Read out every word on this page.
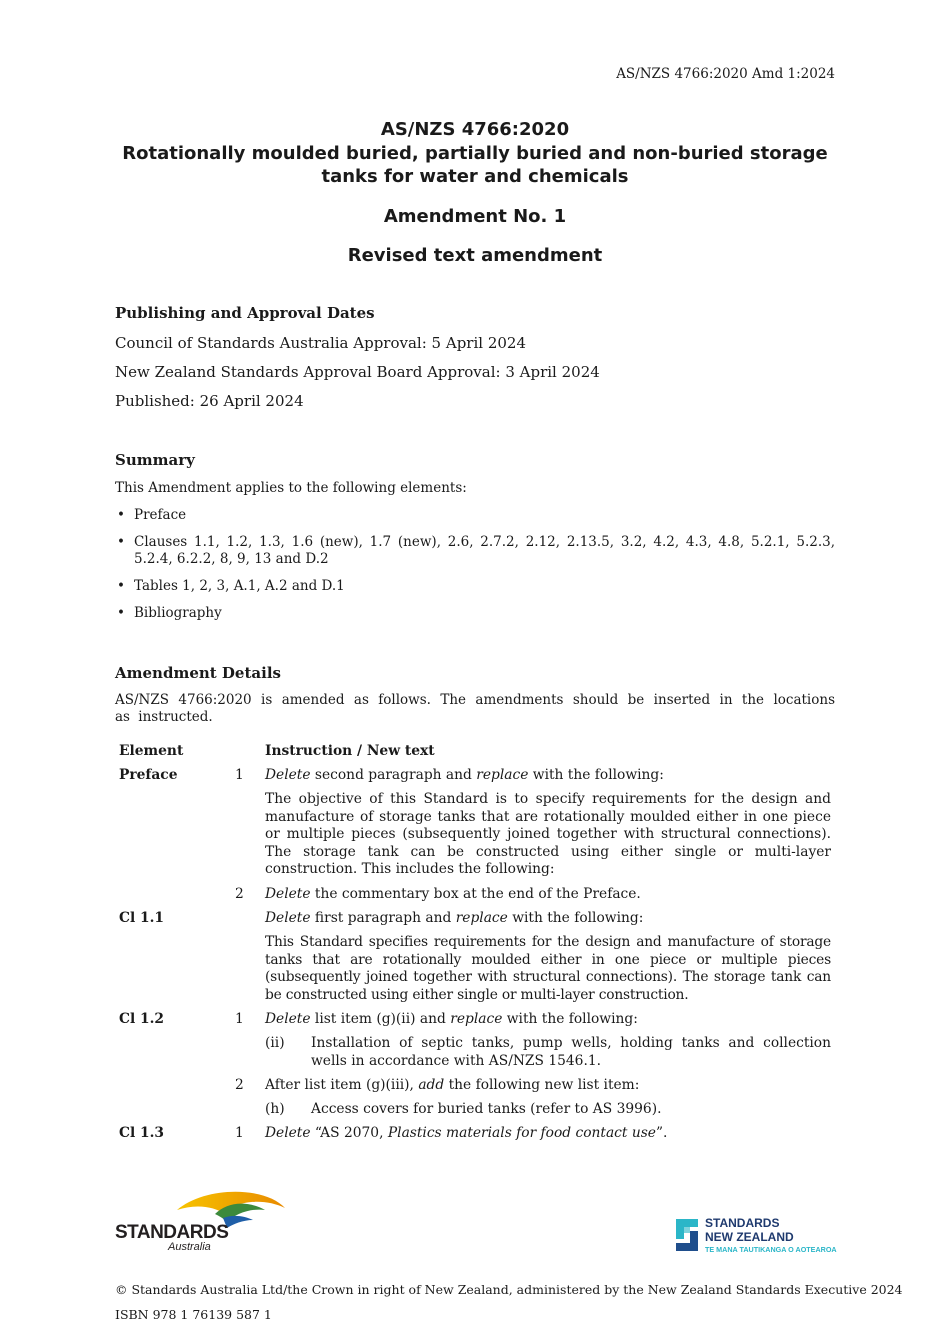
AS/NZS 4766:2020 Amd 1:2024

AS/NZS 4766:2020

Rotationally moulded buried, partially buried and non-buried storage

tanks for water and chemicals

Amendment No. 1

Revised text amendment

Publishing and Approval Dates

Council of Standards Australia Approval: 5 April 2024

New Zealand Standards Approval Board Approval: 3 April 2024

Published: 26 April 2024

Summary

This Amendment applies to the following elements:

• Preface
• Clauses 1.1, 1.2, 1.3, 1.6 (new), 1.7 (new), 2.6, 2.7.2, 2.12, 2.13.5, 3.2, 4.2, 4.3, 4.8, 5.2.1, 5.2.3, 5.2.4, 6.2.2, 8, 9, 13 and D.2
• Tables 1, 2, 3, A.1, A.2 and D.1
• Bibliography
Amendment Details

AS/NZS 4766:2020 is amended as follows. The amendments should be inserted in the locations as instructed.

Element	Instruction / New text
Preface	1 Delete second paragraph and replace with the following:
The objective of this Standard is to specify requirements for the design and manufacture of storage tanks that are rotationally moulded either in one piece or multiple pieces (subsequently joined together with structural connections). The storage tank can be constructed using either single or multi-layer construction. This includes the following:
2 Delete the commentary box at the end of the Preface.
Cl 1.1	Delete first paragraph and replace with the following:
This Standard specifies requirements for the design and manufacture of storage tanks that are rotationally moulded either in one piece or multiple pieces (subsequently joined together with structural connections). The storage tank can be constructed using either single or multi-layer construction.
Cl 1.2	1 Delete list item (g)(ii) and replace with the following:
(ii) Installation of septic tanks, pump wells, holding tanks and collection wells in accordance with AS/NZS 1546.1.
2 After list item (g)(iii), add the following new list item:
(h) Access covers for buried tanks (refer to AS 3996).
Cl 1.3	1 Delete “AS 2070, Plastics materials for food contact use”.
STANDARDS
Australia
STANDARDS
NEW ZEALAND
TE MANA TAUTIKANGA O AOTEAROA
© Standards Australia Ltd/the Crown in right of New Zealand, administered by the New Zealand Standards Executive 2024
ISBN 978 1 76139 587 1
